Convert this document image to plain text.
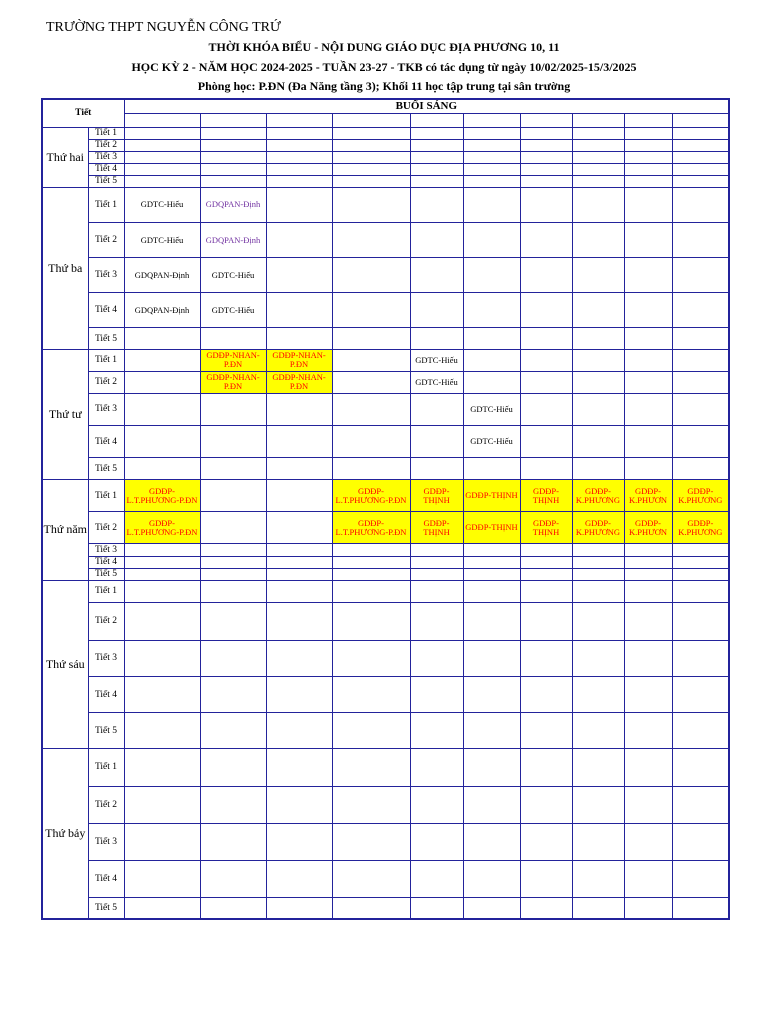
TRƯỜNG THPT NGUYỄN CÔNG TRỨ
THỜI KHÓA BIỂU - NỘI DUNG GIÁO DỤC ĐỊA PHƯƠNG 10, 11
HỌC KỲ 2 - NĂM HỌC 2024-2025 - TUẦN 23-27 - TKB có tác dụng từ ngày 10/02/2025-15/3/2025
Phòng học: P.ĐN (Đa Năng tầng 3); Khối 11 học tập trung tại sân trường
Tiết		BUỔI SÁNG									

Thứ hai	Tiết 1										
	Tiết 2										
	Tiết 3										
	Tiết 4										
	Tiết 5										
Thứ ba	Tiết 1	GDTC-Hiếu	GDQPAN-Định								
	Tiết 2	GDTC-Hiếu	GDQPAN-Định								
	Tiết 3	GDQPAN-Định	GDTC-Hiếu								
	Tiết 4	GDQPAN-Định	GDTC-Hiếu								
	Tiết 5										
Thứ tư	Tiết 1		GDĐP-NHAN-P.ĐN	GDĐP-NHAN-P.ĐN		GDTC-Hiếu					
	Tiết 2		GDĐP-NHAN-P.ĐN	GDĐP-NHAN-P.ĐN		GDTC-Hiếu					
	Tiết 3						GDTC-Hiếu				
	Tiết 4						GDTC-Hiếu				
	Tiết 5										
Thứ năm	Tiết 1	GDĐP-L.T.PHƯƠNG-P.ĐN			GDĐP-L.T.PHƯƠNG-P.ĐN	GDĐP-THỊNH	GDĐP-THỊNH	GDĐP-THỊNH	GDĐP-K.PHƯƠNG	GDĐP-K.PHƯƠN	GDĐP-K.PHƯƠNG
	Tiết 2	GDĐP-L.T.PHƯƠNG-P.ĐN			GDĐP-L.T.PHƯƠNG-P.ĐN	GDĐP-THỊNH	GDĐP-THỊNH	GDĐP-THỊNH	GDĐP-K.PHƯƠNG	GDĐP-K.PHƯƠN	GDĐP-K.PHƯƠNG
	Tiết 3										
	Tiết 4										
	Tiết 5										
Thứ sáu	Tiết 1										
	Tiết 2										
	Tiết 3										
	Tiết 4										
	Tiết 5										
Thứ bảy	Tiết 1										
	Tiết 2										
	Tiết 3										
	Tiết 4										
	Tiết 5										
